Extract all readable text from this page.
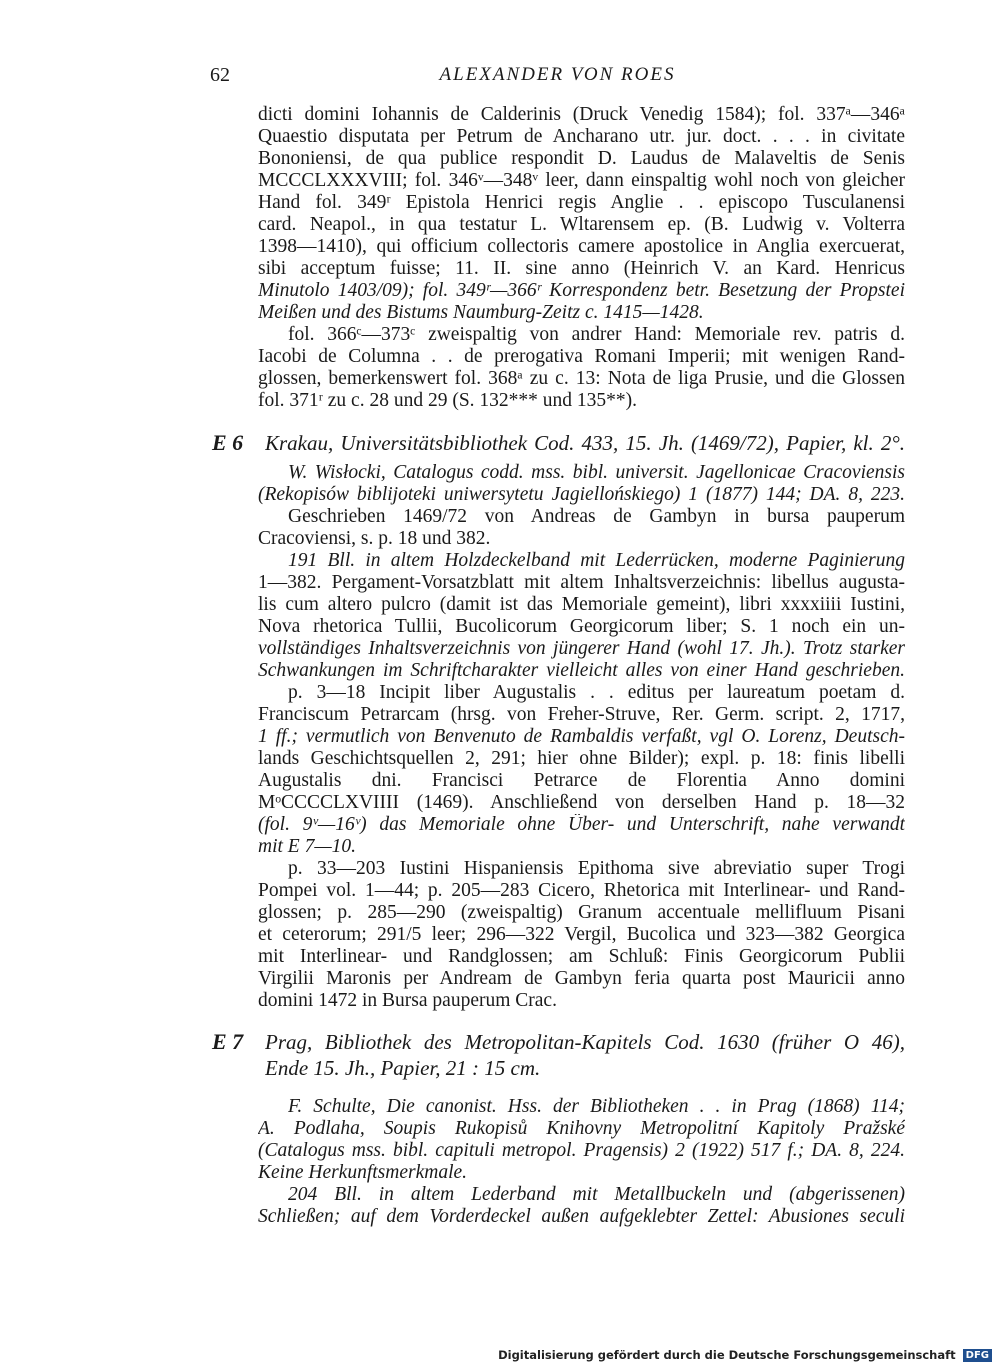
62	ALEXANDER VON ROES
dicti domini Iohannis de Calderinis (Druck Venedig 1584); fol. 337ᵃ—346ᵃ
Quaestio disputata per Petrum de Ancharano utr. jur. doct. . . . in civitate
Bononiensi, de qua publice respondit D. Laudus de Malaveltis de Senis
MCCCLXXXVIII; fol. 346ᵛ—348ᵛ leer, dann einspaltig wohl noch von gleicher
Hand fol. 349ʳ Epistola Henrici regis Anglie . . episcopo Tusculanensi
card. Neapol., in qua testatur L. Wltarensem ep. (B. Ludwig v. Volterra
1398—1410), qui officium collectoris camere apostolice in Anglia exercuerat,
sibi acceptum fuisse; 11. II. sine anno (Heinrich V. an Kard. Henricus
Minutolo 1403/09); fol. 349ʳ—366ʳ Korrespondenz betr. Besetzung der Propstei
Meißen und des Bistums Naumburg-Zeitz c. 1415—1428.
fol. 366ᶜ—373ᶜ zweispaltig von andrer Hand: Memoriale rev. patris d.
Iacobi de Columna . . de prerogativa Romani Imperii; mit wenigen Rand-
glossen, bemerkenswert fol. 368ᵃ zu c. 13: Nota de liga Prusie, und die Glossen
fol. 371ʳ zu c. 28 und 29 (S. 132*** und 135**).
E 6 Krakau, Universitätsbibliothek Cod. 433, 15. Jh. (1469/72), Papier, kl. 2°.
W. Wisłocki, Catalogus codd. mss. bibl. universit. Jagellonicae Cracoviensis
(Rekopisów biblijoteki uniwersytetu Jagiellońskiego) 1 (1877) 144; DA. 8, 223.
Geschrieben 1469/72 von Andreas de Gambyn in bursa pauperum
Cracoviensi, s. p. 18 und 382.
191 Bll. in altem Holzdeckelband mit Lederrücken, moderne Paginierung
1—382. Pergament-Vorsatzblatt mit altem Inhaltsverzeichnis: libellus augusta-
lis cum altero pulcro (damit ist das Memoriale gemeint), libri xxxxiiii Iustini,
Nova rhetorica Tullii, Bucolicorum Georgicorum liber; S. 1 noch ein un-
vollständiges Inhaltsverzeichnis von jüngerer Hand (wohl 17. Jh.). Trotz starker
Schwankungen im Schriftcharakter vielleicht alles von einer Hand geschrieben.
p. 3—18 Incipit liber Augustalis . . editus per laureatum poetam d.
Franciscum Petrarcam (hrsg. von Freher-Struve, Rer. Germ. script. 2, 1717,
1 ff.; vermutlich von Benvenuto de Rambaldis verfaßt, vgl O. Lorenz, Deutsch-
lands Geschichtsquellen 2, 291; hier ohne Bilder); expl. p. 18: finis libelli
Augustalis dni. Francisci Petrarce de Florentia Anno domini
MᵒCCCCLXVIIII (1469). Anschließend von derselben Hand p. 18—32
(fol. 9ᵛ—16ᵛ) das Memoriale ohne Über- und Unterschrift, nahe verwandt
mit E 7—10.
p. 33—203 Iustini Hispaniensis Epithoma sive abreviatio super Trogi
Pompei vol. 1—44; p. 205—283 Cicero, Rhetorica mit Interlinear- und Rand-
glossen; p. 285—290 (zweispaltig) Granum accentuale mellifluum Pisani
et ceterorum; 291/5 leer; 296—322 Vergil, Bucolica und 323—382 Georgica
mit Interlinear- und Randglossen; am Schluß: Finis Georgicorum Publii
Virgilii Maronis per Andream de Gambyn feria quarta post Mauricii anno
domini 1472 in Bursa pauperum Crac.
E 7 Prag, Bibliothek des Metropolitan-Kapitels Cod. 1630 (früher O 46),
Ende 15. Jh., Papier, 21 : 15 cm.
F. Schulte, Die canonist. Hss. der Bibliotheken . . in Prag (1868) 114;
A. Podlaha, Soupis Rukopisů Knihovny Metropolitní Kapitoly Pražské
(Catalogus mss. bibl. capituli metropol. Pragensis) 2 (1922) 517 f.; DA. 8, 224.
Keine Herkunftsmerkmale.
204 Bll. in altem Lederband mit Metallbuckeln und (abgerissenen)
Schließen; auf dem Vorderdeckel außen aufgeklebter Zettel: Abusiones seculi
Digitalisierung gefördert durch die Deutsche Forschungsgemeinschaft DFG
